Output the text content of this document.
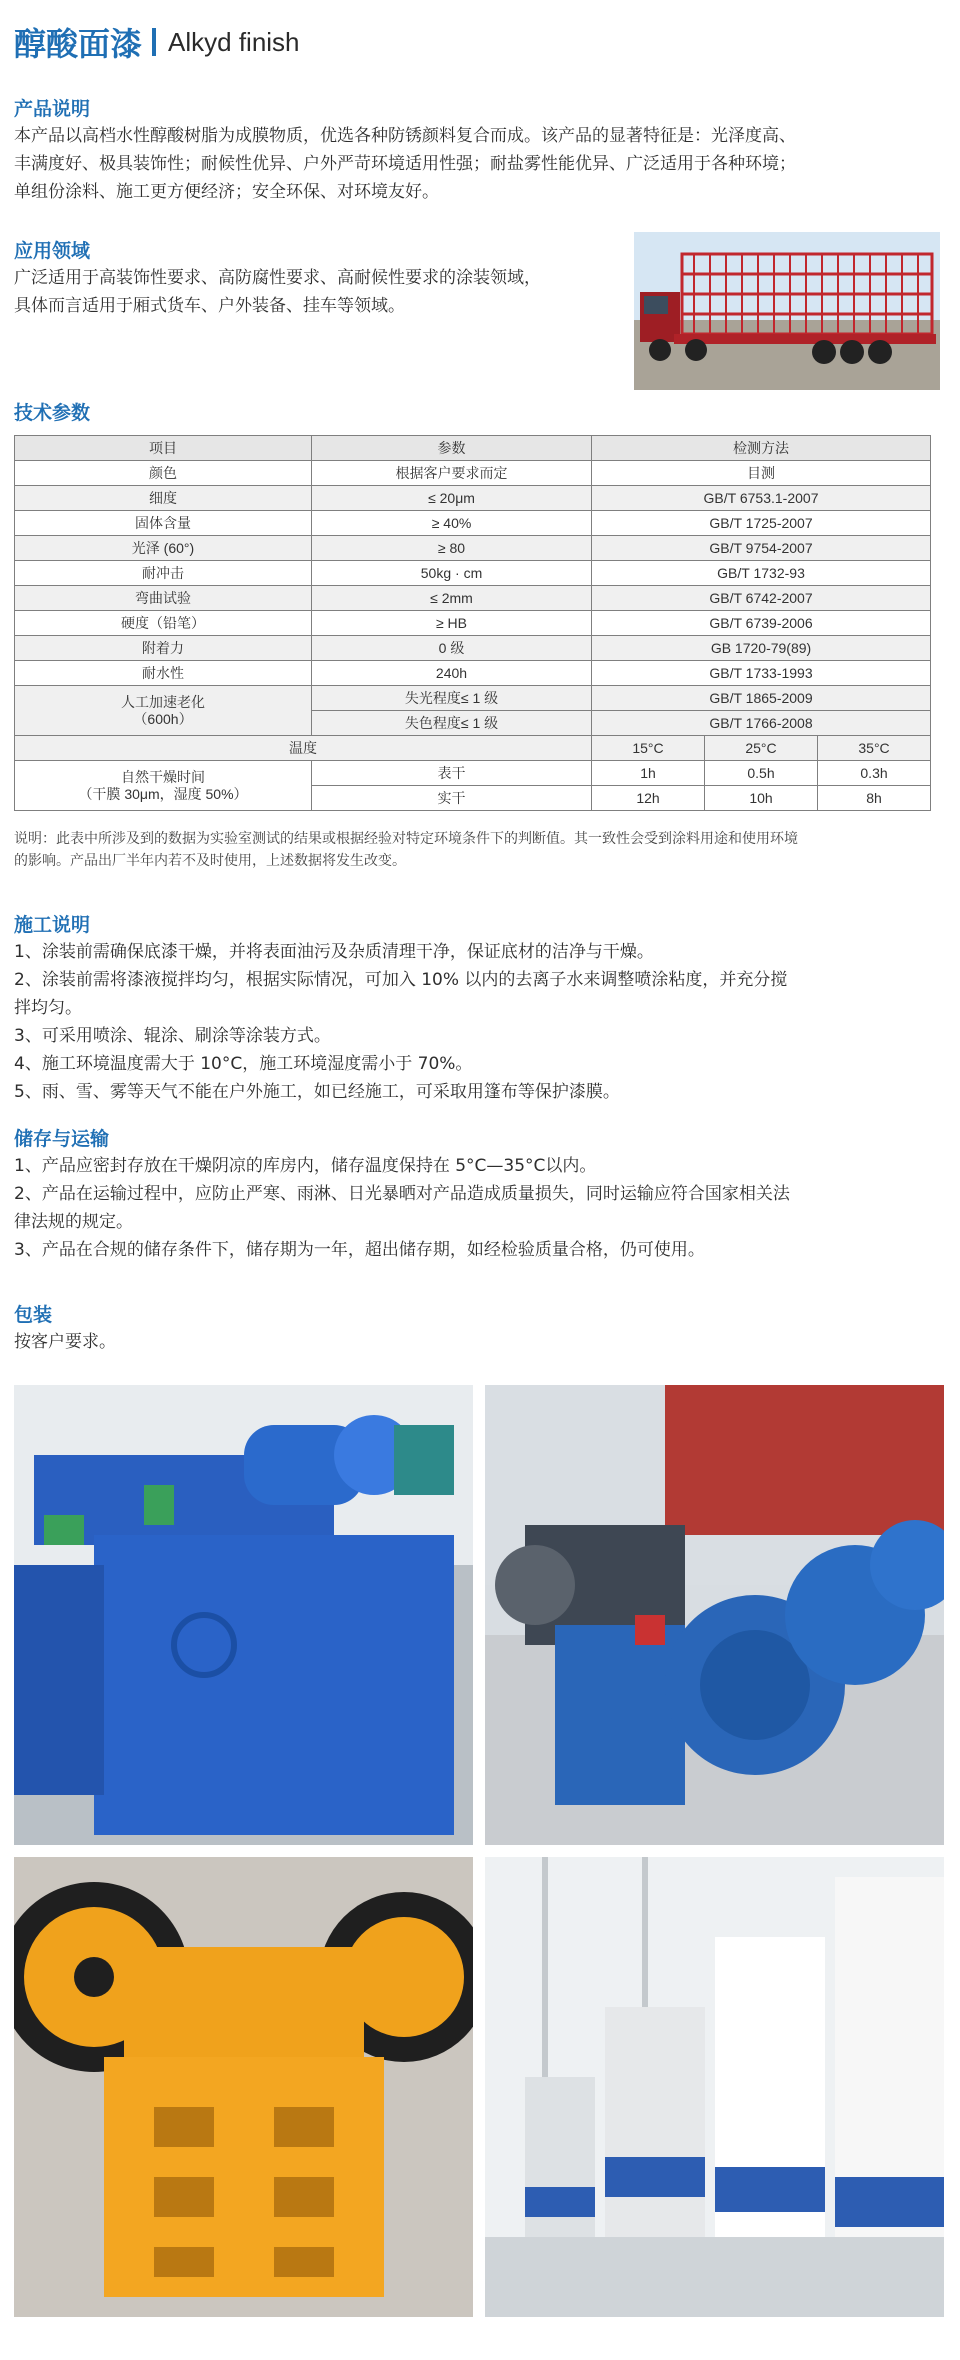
醇酸面漆 Alkyd finish
产品说明
本产品以高档水性醇酸树脂为成膜物质，优选各种防锈颜料复合而成。该产品的显著特征是：光泽度高、
丰满度好、极具装饰性；耐候性优异、户外严苛环境适用性强；耐盐雾性能优异、广泛适用于各种环境；
单组份涂料、施工更方便经济；安全环保、对环境友好。
应用领域
广泛适用于高装饰性要求、高防腐性要求、高耐候性要求的涂装领域，
具体而言适用于厢式货车、户外装备、挂车等领域。
技术参数
项目	参数	检测方法		
颜色	根据客户要求而定	目测		
细度	≤ 20μm	GB/T 6753.1-2007		
固体含量	≥ 40%	GB/T 1725-2007		
光泽 (60°)	≥ 80	GB/T 9754-2007		
耐冲击	50kg · cm	GB/T 1732-93		
弯曲试验	≤ 2mm	GB/T 6742-2007		
硬度（铅笔）	≥ HB	GB/T 6739-2006		
附着力	0 级	GB 1720-79(89)		
耐水性	240h	GB/T 1733-1993		

人工加速老化
（600h）	失光程度≤ 1 级	GB/T 1865-2009		
	失色程度≤ 1 级	GB/T 1766-2008		
温度		15°C	25°C	35°C

自然干燥时间
（干膜 30μm，湿度 50%）	表干	1h	0.5h	0.3h
	实干	12h	10h	8h
说明：此表中所涉及到的数据为实验室测试的结果或根据经验对特定环境条件下的判断值。其一致性会受到涂料用途和使用环境
的影响。产品出厂半年内若不及时使用，上述数据将发生改变。
施工说明
1、涂装前需确保底漆干燥，并将表面油污及杂质清理干净，保证底材的洁净与干燥。
2、涂装前需将漆液搅拌均匀，根据实际情况，可加入 10% 以内的去离子水来调整喷涂粘度，并充分搅
拌均匀。
3、可采用喷涂、辊涂、刷涂等涂装方式。
4、施工环境温度需大于 10°C，施工环境湿度需小于 70%。
5、雨、雪、雾等天气不能在户外施工，如已经施工，可采取用篷布等保护漆膜。
储存与运输
1、产品应密封存放在干燥阴凉的库房内，储存温度保持在 5°C—35°C以内。
2、产品在运输过程中，应防止严寒、雨淋、日光暴晒对产品造成质量损失，同时运输应符合国家相关法
律法规的规定。
3、产品在合规的储存条件下，储存期为一年，超出储存期，如经检验质量合格，仍可使用。
包装
按客户要求。
